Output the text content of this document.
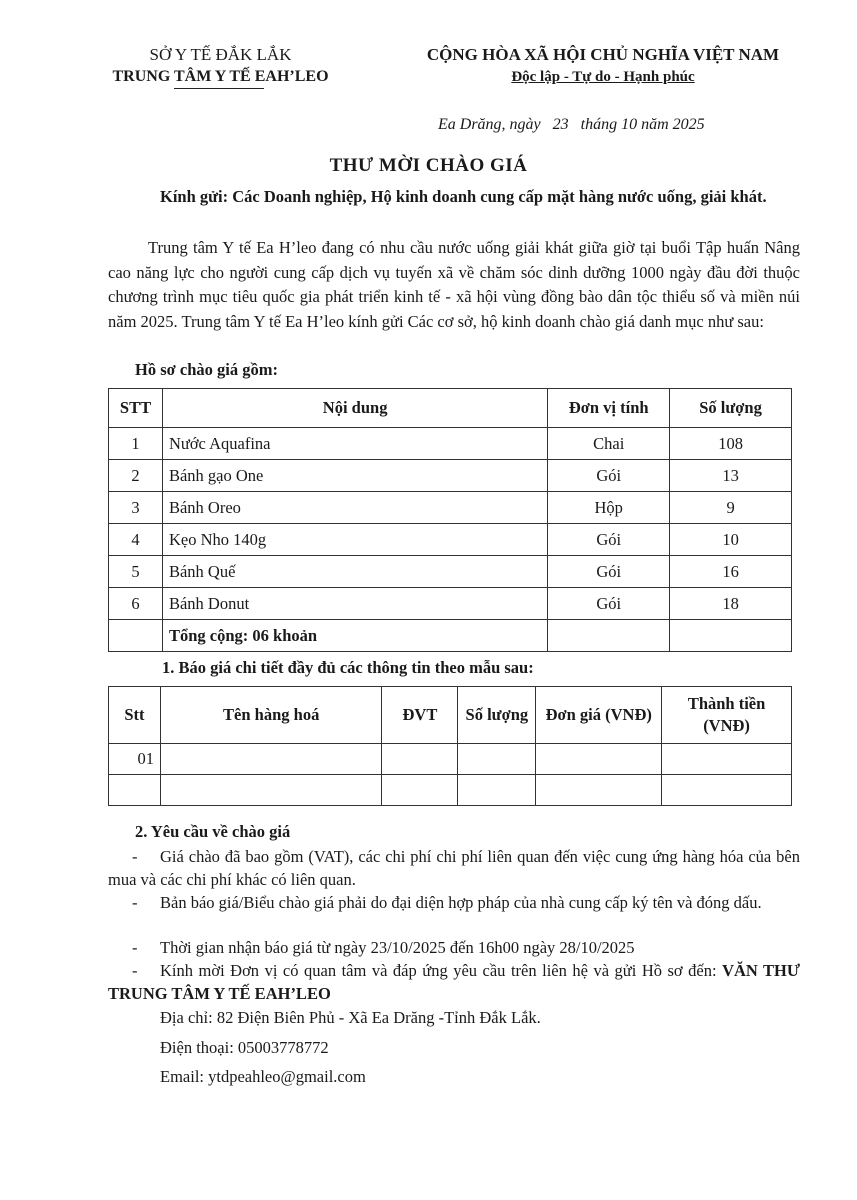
SỞ Y TẾ ĐẮK LẮK
TRUNG TÂM Y TẾ EAH’LEO
CỘNG HÒA XÃ HỘI CHỦ NGHĨA VIỆT NAM
Độc lập - Tự do - Hạnh phúc
Ea Drăng, ngày 23 tháng 10 năm 2025
THƯ MỜI CHÀO GIÁ
Kính gửi: Các Doanh nghiệp, Hộ kinh doanh cung cấp mặt hàng nước uống, giải khát.
Trung tâm Y tế Ea H’leo đang có nhu cầu nước uống giải khát giữa giờ tại buổi Tập huấn Nâng cao năng lực cho người cung cấp dịch vụ tuyến xã về chăm sóc dinh dưỡng 1000 ngày đầu đời thuộc chương trình mục tiêu quốc gia phát triển kinh tế - xã hội vùng đồng bào dân tộc thiểu số và miền núi năm 2025. Trung tâm Y tế Ea H’leo kính gửi Các cơ sở, hộ kinh doanh chào giá danh mục như sau:
Hồ sơ chào giá gồm:
STT	Nội dung	Đơn vị tính	Số lượng
1	Nước Aquafina	Chai	108
2	Bánh gạo One	Gói	13
3	Bánh Oreo	Hộp	9
4	Kẹo Nho 140g	Gói	10
5	Bánh Quế	Gói	16
6	Bánh Donut	Gói	18
	Tổng cộng: 06 khoản		
1. Báo giá chi tiết đầy đủ các thông tin theo mẫu sau:
Stt	Tên hàng hoá	ĐVT	Số lượng	Đơn giá (VNĐ)	Thành tiền (VNĐ)
01					

2. Yêu cầu về chào giá
- Giá chào đã bao gồm (VAT), các chi phí chi phí liên quan đến việc cung ứng hàng hóa của bên mua và các chi phí khác có liên quan.
- Bản báo giá/Biểu chào giá phải do đại diện hợp pháp của nhà cung cấp ký tên và đóng dấu.
- Thời gian nhận báo giá từ ngày 23/10/2025 đến 16h00 ngày 28/10/2025
- Kính mời Đơn vị có quan tâm và đáp ứng yêu cầu trên liên hệ và gửi Hồ sơ đến: VĂN THƯ TRUNG TÂM Y TẾ EAH’LEO
Địa chỉ: 82 Điện Biên Phủ - Xã Ea Drăng -Tỉnh Đắk Lắk.
Điện thoại: 05003778772
Email: ytdpeahleo@gmail.com
